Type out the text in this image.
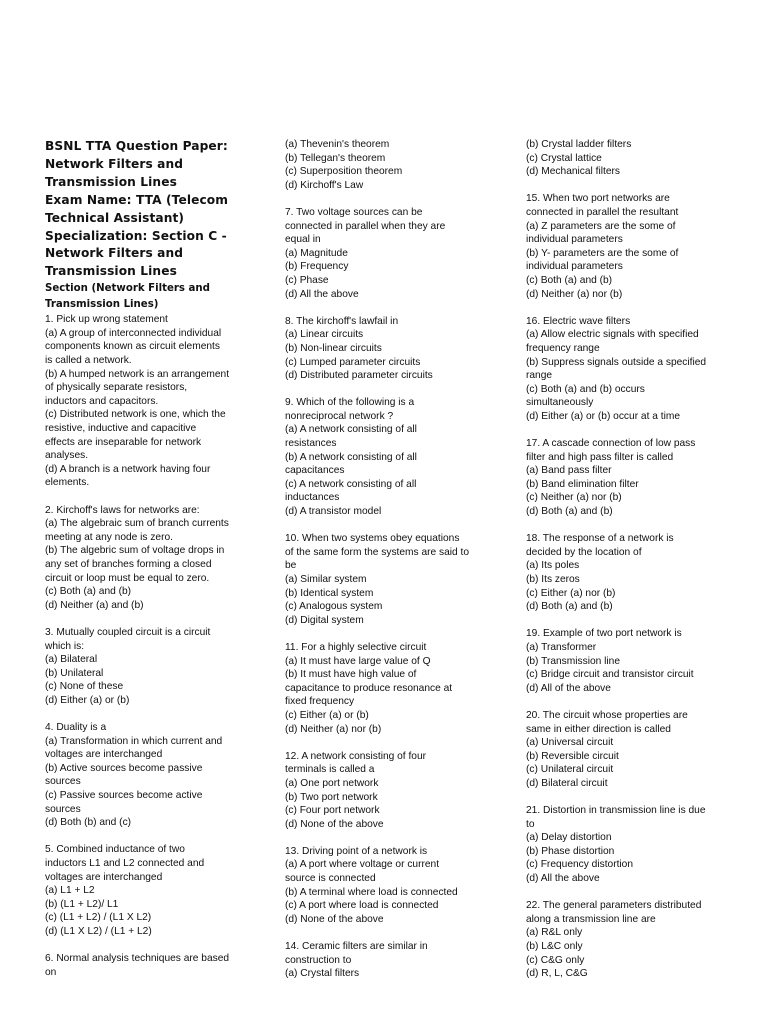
BSNL TTA Question Paper:
Network Filters and
Transmission Lines
Exam Name: TTA (Telecom
Technical Assistant)
Specialization: Section C -
Network Filters and
Transmission Lines
Section (Network Filters and
Transmission Lines)
1. Pick up wrong statement
(a) A group of interconnected individual
components known as circuit elements
is called a network.
(b) A humped network is an arrangement
of physically separate resistors,
inductors and capacitors.
(c) Distributed network is one, which the
resistive, inductive and capacitive
effects are inseparable for network
analyses.
(d) A branch is a network having four
elements.
2. Kirchoff's laws for networks are:
(a) The algebraic sum of branch currents
meeting at any node is zero.
(b) The algebric sum of voltage drops in
any set of branches forming a closed
circuit or loop must be equal to zero.
(c) Both (a) and (b)
(d) Neither (a) and (b)
3. Mutually coupled circuit is a circuit
which is:
(a) Bilateral
(b) Unilateral
(c) None of these
(d) Either (a) or (b)
4. Duality is a
(a) Transformation in which current and
voltages are interchanged
(b) Active sources become passive
sources
(c) Passive sources become active
sources
(d) Both (b) and (c)
5. Combined inductance of two
inductors L1 and L2 connected and
voltages are interchanged
(a) L1 + L2
(b) (L1 + L2)/ L1
(c) (L1 + L2) / (L1 X L2)
(d) (L1 X L2) / (L1 + L2)
6. Normal analysis techniques are based
on
(a) Thevenin's theorem
(b) Tellegan's theorem
(c) Superposition theorem
(d) Kirchoff's Law
7. Two voltage sources can be
connected in parallel when they are
equal in
(a) Magnitude
(b) Frequency
(c) Phase
(d) All the above
8. The kirchoff's lawfail in
(a) Linear circuits
(b) Non-linear circuits
(c) Lumped parameter circuits
(d) Distributed parameter circuits
9. Which of the following is a
nonreciprocal network ?
(a) A network consisting of all
resistances
(b) A network consisting of all
capacitances
(c) A network consisting of all
inductances
(d) A transistor model
10. When two systems obey equations
of the same form the systems are said to
be
(a) Similar system
(b) Identical system
(c) Analogous system
(d) Digital system
11. For a highly selective circuit
(a) It must have large value of Q
(b) It must have high value of
capacitance to produce resonance at
fixed frequency
(c) Either (a) or (b)
(d) Neither (a) nor (b)
12. A network consisting of four
terminals is called a
(a) One port network
(b) Two port network
(c) Four port network
(d) None of the above
13. Driving point of a network is
(a) A port where voltage or current
source is connected
(b) A terminal where load is connected
(c) A port where load is connected
(d) None of the above
14. Ceramic filters are similar in
construction to
(a) Crystal filters
(b) Crystal ladder filters
(c) Crystal lattice
(d) Mechanical filters
15. When two port networks are
connected in parallel the resultant
(a) Z parameters are the some of
individual parameters
(b) Y- parameters are the some of
individual parameters
(c) Both (a) and (b)
(d) Neither (a) nor (b)
16. Electric wave filters
(a) Allow electric signals with specified
frequency range
(b) Suppress signals outside a specified
range
(c) Both (a) and (b) occurs
simultaneously
(d) Either (a) or (b) occur at a time
17. A cascade connection of low pass
filter and high pass filter is called
(a) Band pass filter
(b) Band elimination filter
(c) Neither (a) nor (b)
(d) Both (a) and (b)
18. The response of a network is
decided by the location of
(a) Its poles
(b) Its zeros
(c) Either (a) nor (b)
(d) Both (a) and (b)
19. Example of two port network is
(a) Transformer
(b) Transmission line
(c) Bridge circuit and transistor circuit
(d) All of the above
20. The circuit whose properties are
same in either direction is called
(a) Universal circuit
(b) Reversible circuit
(c) Unilateral circuit
(d) Bilateral circuit
21. Distortion in transmission line is due
to
(a) Delay distortion
(b) Phase distortion
(c) Frequency distortion
(d) All the above
22. The general parameters distributed
along a transmission line are
(a) R&L only
(b) L&C only
(c) C&G only
(d) R, L, C&G
